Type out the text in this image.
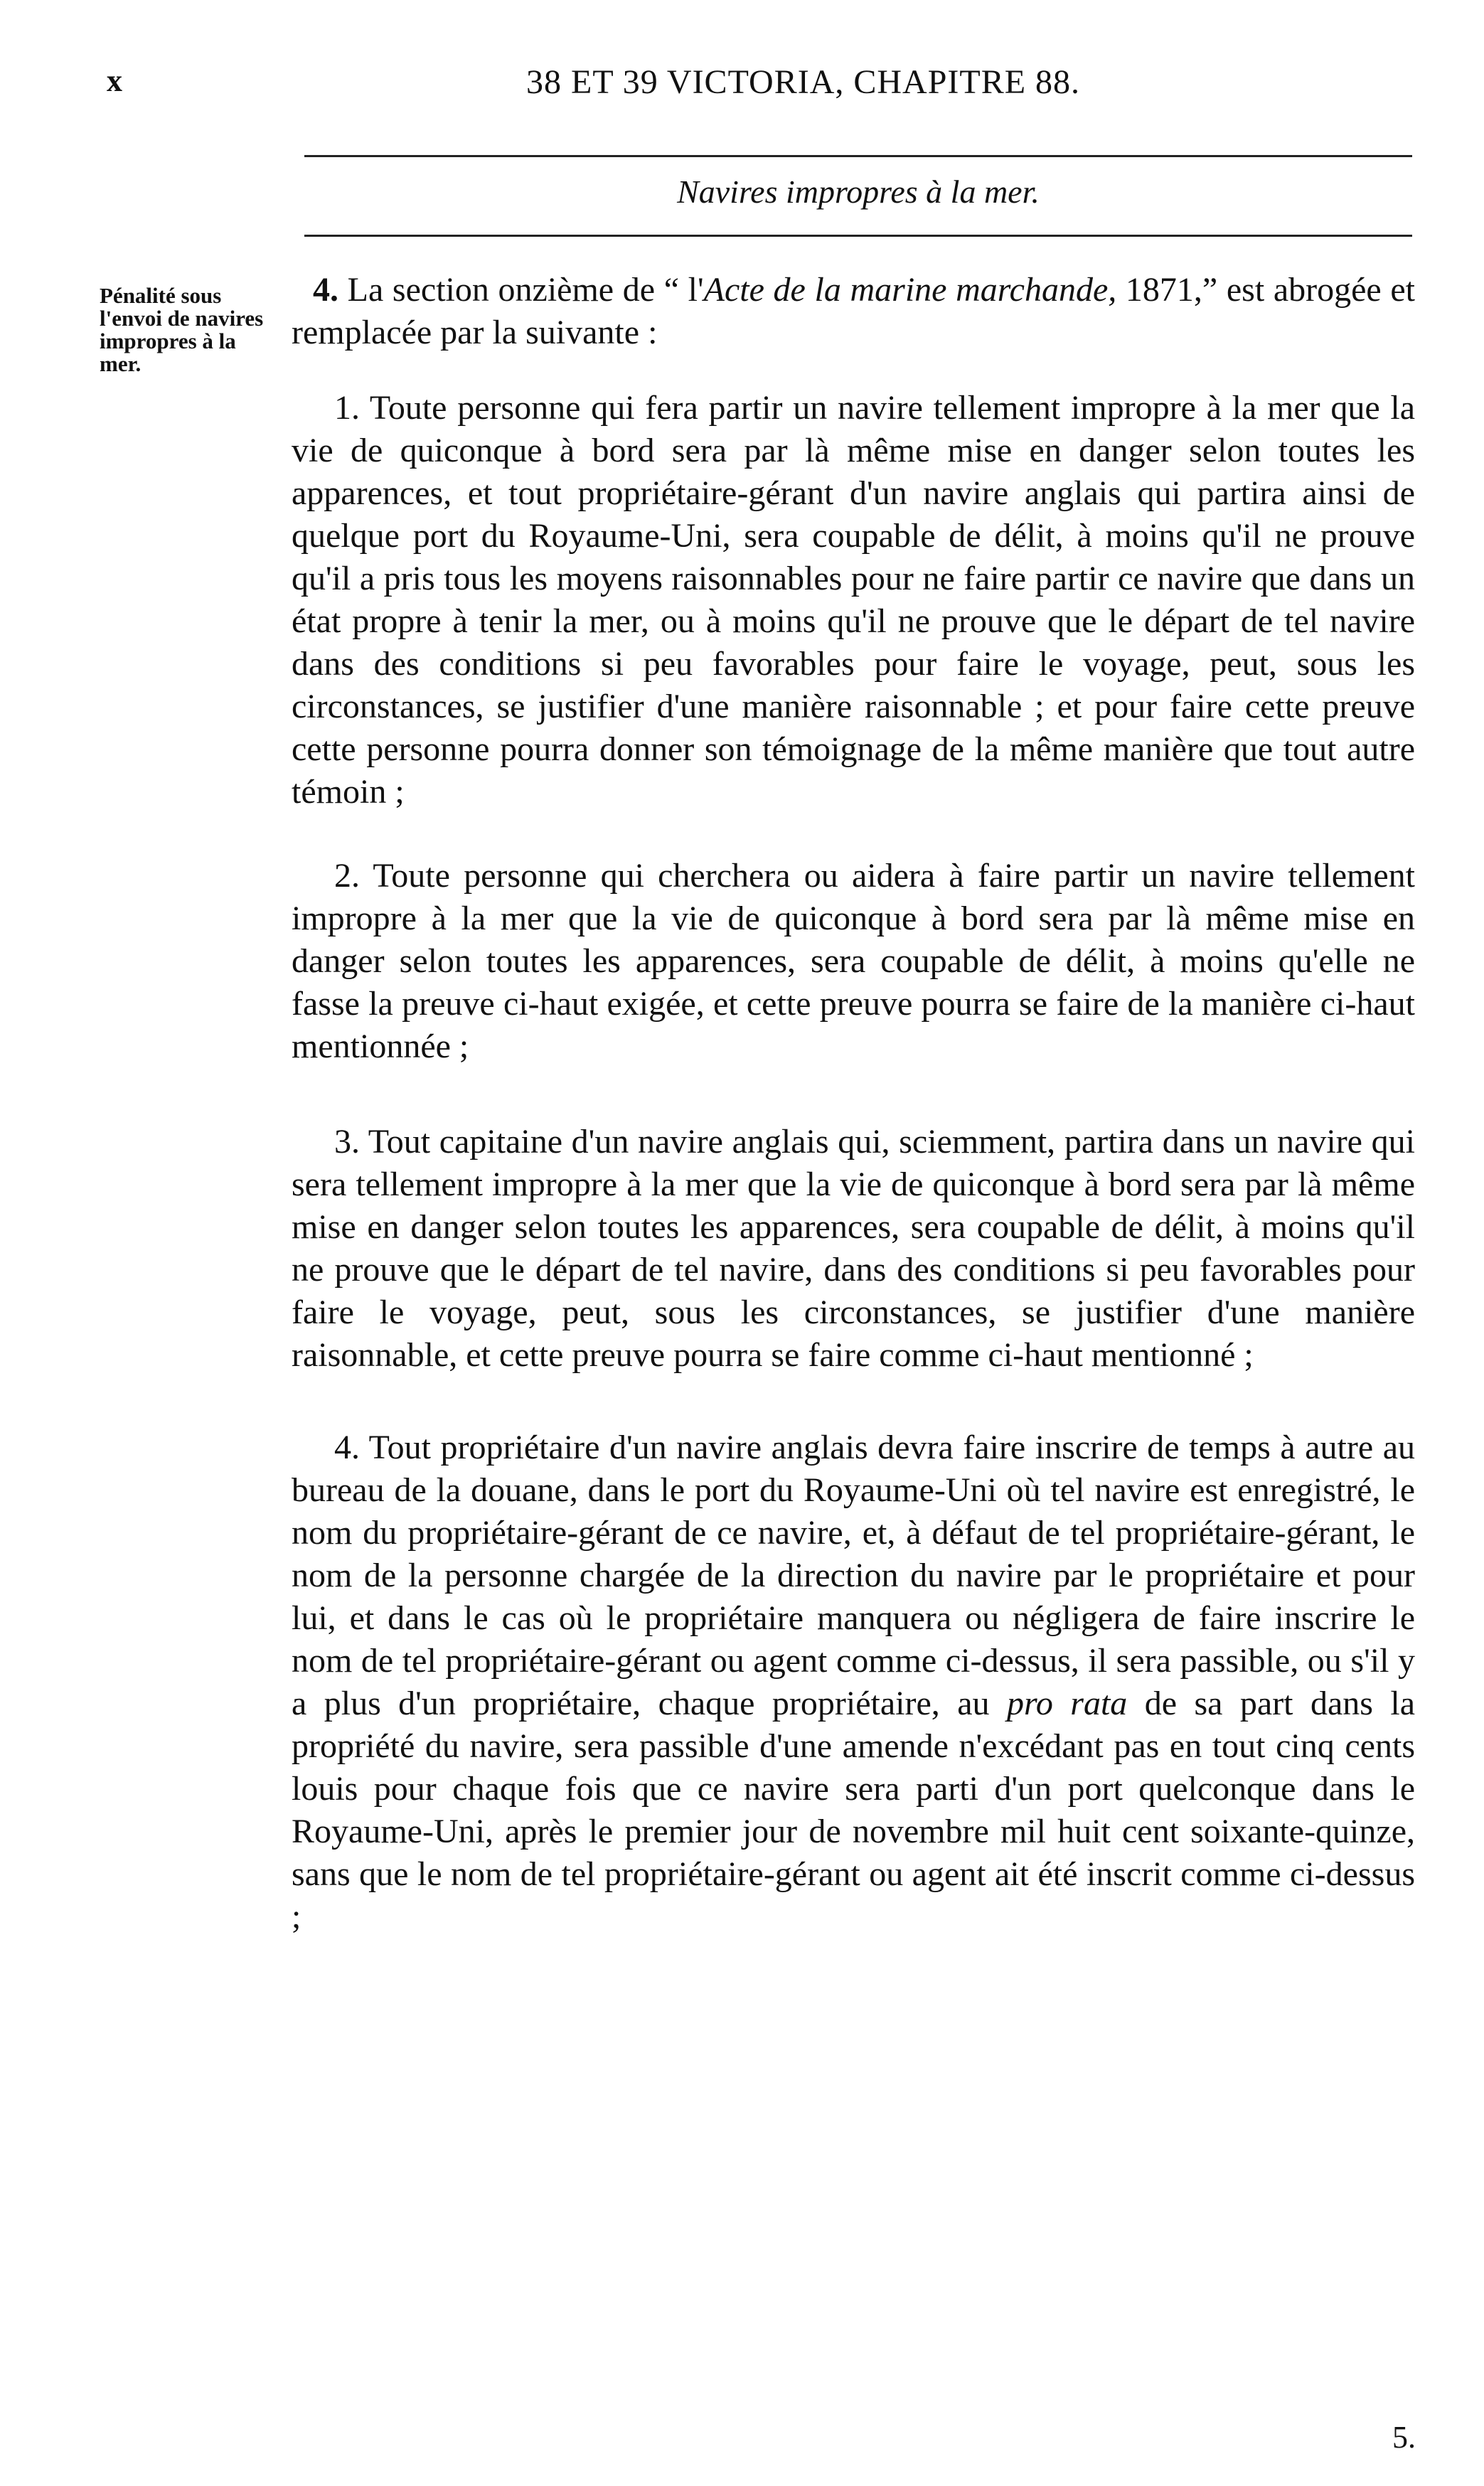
x	38 ET 39 VICTORIA, CHAPITRE 88.
Navires impropres à la mer.
Pénalité sous l'envoi de navires impropres à la mer.

4. La section onzième de “ l'Acte de la marine marchande, 1871,” est abrogée et remplacée par la suivante :

1. Toute personne qui fera partir un navire tellement impropre à la mer que la vie de quiconque à bord sera par là même mise en danger selon toutes les apparences, et tout propriétaire-gérant d'un navire anglais qui partira ainsi de quelque port du Royaume-Uni, sera coupable de délit, à moins qu'il ne prouve qu'il a pris tous les moyens raisonnables pour ne faire partir ce navire que dans un état propre à tenir la mer, ou à moins qu'il ne prouve que le départ de tel navire dans des conditions si peu favorables pour faire le voyage, peut, sous les circonstances, se justifier d'une manière raisonnable ; et pour faire cette preuve cette personne pourra donner son témoignage de la même manière que tout autre témoin ;

2. Toute personne qui cherchera ou aidera à faire partir un navire tellement impropre à la mer que la vie de quiconque à bord sera par là même mise en danger selon toutes les apparences, sera coupable de délit, à moins qu'elle ne fasse la preuve ci-haut exigée, et cette preuve pourra se faire de la manière ci-haut mentionnée ;

3. Tout capitaine d'un navire anglais qui, sciemment, partira dans un navire qui sera tellement impropre à la mer que la vie de quiconque à bord sera par là même mise en danger selon toutes les apparences, sera coupable de délit, à moins qu'il ne prouve que le départ de tel navire, dans des conditions si peu favorables pour faire le voyage, peut, sous les circonstances, se justifier d'une manière raisonnable, et cette preuve pourra se faire comme ci-haut mentionné ;

4. Tout propriétaire d'un navire anglais devra faire inscrire de temps à autre au bureau de la douane, dans le port du Royaume-Uni où tel navire est enregistré, le nom du propriétaire-gérant de ce navire, et, à défaut de tel propriétaire-gérant, le nom de la personne chargée de la direction du navire par le propriétaire et pour lui, et dans le cas où le propriétaire manquera ou négligera de faire inscrire le nom de tel propriétaire-gérant ou agent comme ci-dessus, il sera passible, ou s'il y a plus d'un propriétaire, chaque propriétaire, au pro rata de sa part dans la propriété du navire, sera passible d'une amende n'excédant pas en tout cinq cents louis pour chaque fois que ce navire sera parti d'un port quelconque dans le Royaume-Uni, après le premier jour de novembre mil huit cent soixante-quinze, sans que le nom de tel propriétaire-gérant ou agent ait été inscrit comme ci-dessus ;

5.
